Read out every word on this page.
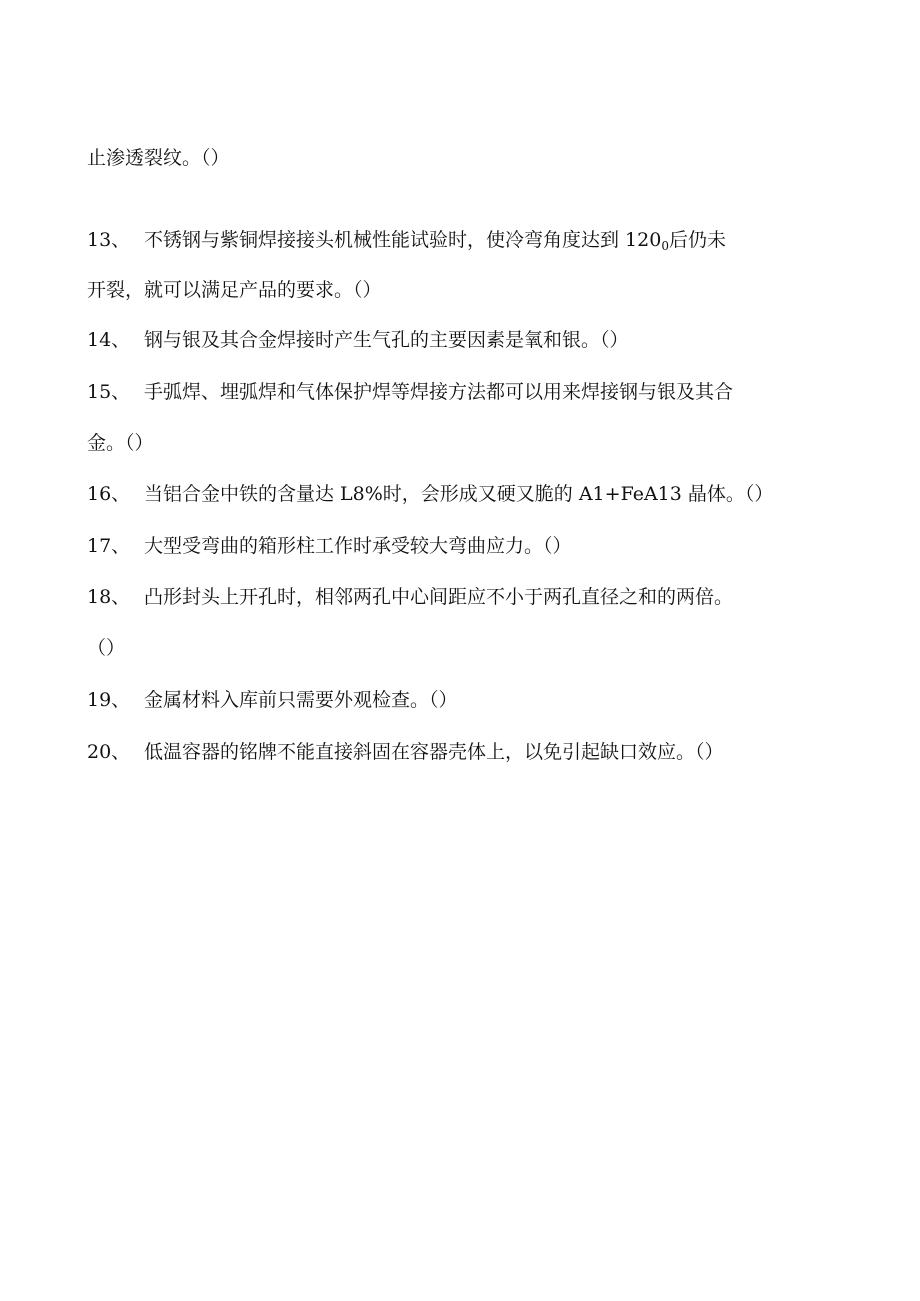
止渗透裂纹。（）
13、 不锈钢与紫铜焊接接头机械性能试验时，使冷弯角度达到 $120_0$后仍未
开裂，就可以满足产品的要求。（）
14、 钢与银及其合金焊接时产生气孔的主要因素是氧和银。（）
15、 手弧焊、埋弧焊和气体保护焊等焊接方法都可以用来焊接钢与银及其合
金。（）
16、 当铝合金中铁的含量达 L8%时，会形成又硬又脆的 A1+FeA13 晶体。（）
17、 大型受弯曲的箱形柱工作时承受较大弯曲应力。（）
18、 凸形封头上开孔时，相邻两孔中心间距应不小于两孔直径之和的两倍。
（）
19、 金属材料入库前只需要外观检查。（）
20、 低温容器的铭牌不能直接斜固在容器壳体上，以免引起缺口效应。（）
